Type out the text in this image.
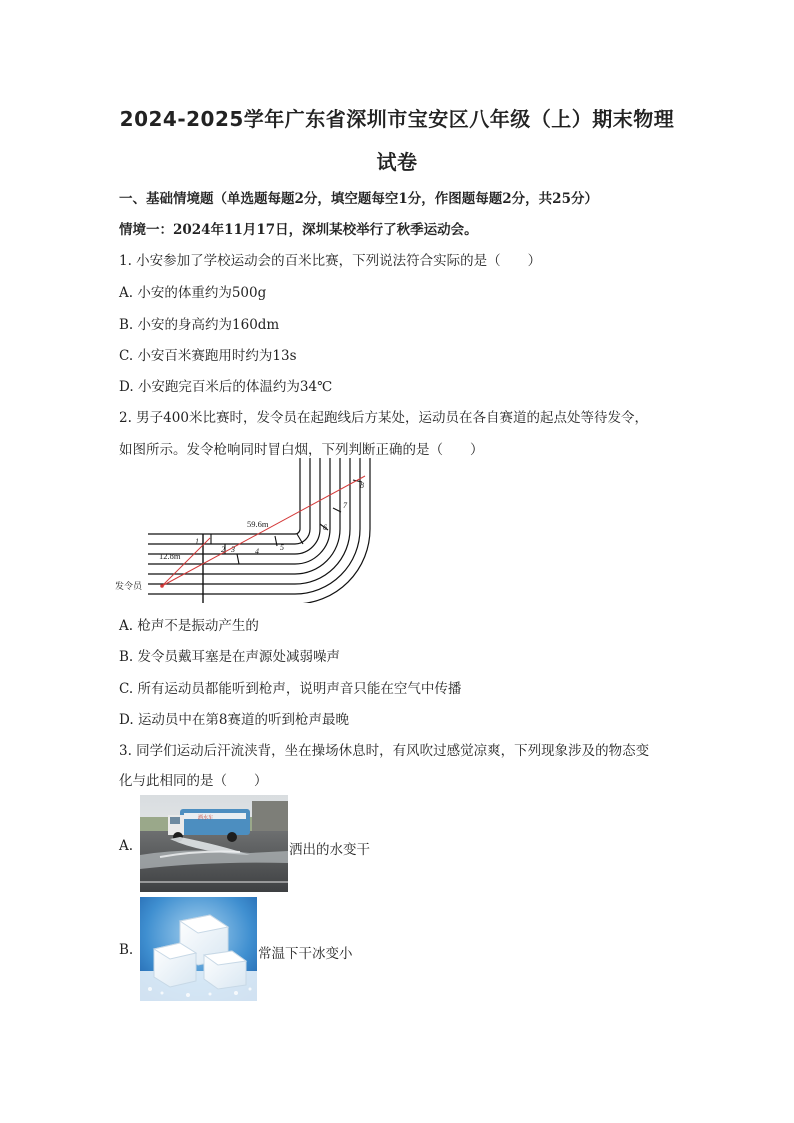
2024-2025学年广东省深圳市宝安区八年级（上）期末物理
试卷
一、基础情境题（单选题每题2分，填空题每空1分，作图题每题2分，共25分）
情境一：2024年11月17日，深圳某校举行了秋季运动会。
1. 小安参加了学校运动会的百米比赛，下列说法符合实际的是（　　）
A. 小安的体重约为500g
B. 小安的身高约为160dm
C. 小安百米赛跑用时约为13s
D. 小安跑完百米后的体温约为34℃
2. 男子400米比赛时，发令员在起跑线后方某处，运动员在各自赛道的起点处等待发令，
如图所示。发令枪响同时冒白烟，下列判断正确的是（　　）
发令员
12.8m
59.6m
1
2 3	4	5
6
7
8
A. 枪声不是振动产生的
B. 发令员戴耳塞是在声源处减弱噪声
C. 所有运动员都能听到枪声，说明声音只能在空气中传播
D. 运动员中在第8赛道的听到枪声最晚
3. 同学们运动后汗流浃背，坐在操场休息时，有风吹过感觉凉爽，下列现象涉及的物态变
化与此相同的是（　　）
A.
洒水车
洒出的水变干
B.	常温下干冰变小
